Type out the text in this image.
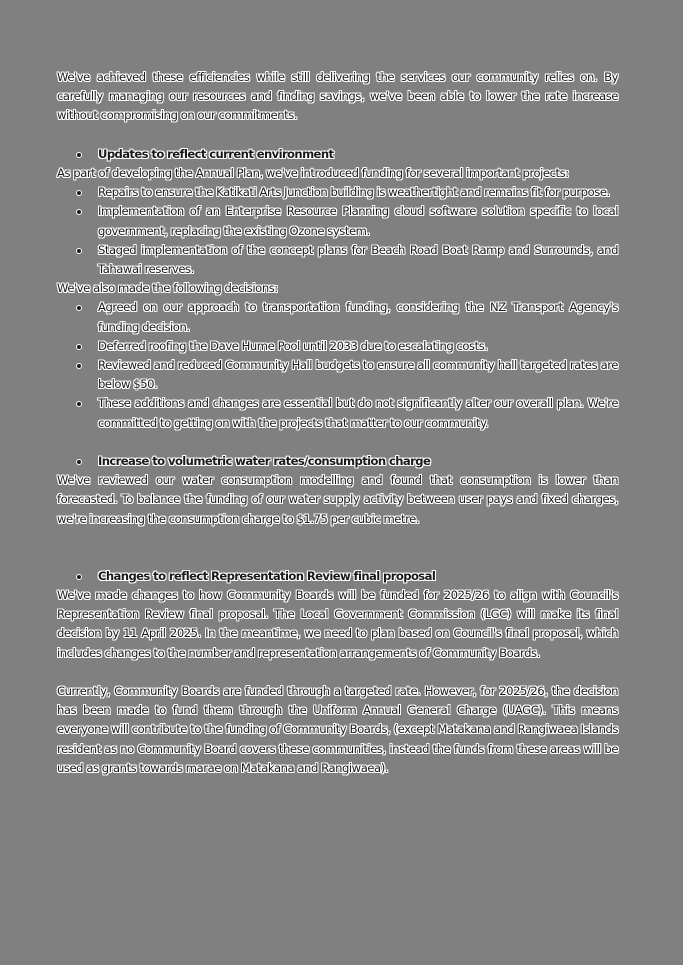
We've achieved these efficiencies while still delivering the services our community relies on. By carefully managing our resources and finding savings, we've been able to lower the rate increase without compromising on our commitments.

Updates to reflect current environment

As part of developing the Annual Plan, we've introduced funding for several important projects:

Repairs to ensure the Katikati Arts Junction building is weathertight and remains fit for purpose.
Implementation of an Enterprise Resource Planning cloud software solution specific to local government, replacing the existing Ozone system.
Staged implementation of the concept plans for Beach Road Boat Ramp and Surrounds, and Tahawai reserves.

We've also made the following decisions:

Agreed on our approach to transportation funding, considering the NZ Transport Agency's funding decision.
Deferred roofing the Dave Hume Pool until 2033 due to escalating costs.
Reviewed and reduced Community Hall budgets to ensure all community hall targeted rates are below $50.
These additions and changes are essential but do not significantly alter our overall plan. We're committed to getting on with the projects that matter to our community.
Increase to volumetric water rates/consumption charge

We've reviewed our water consumption modelling and found that consumption is lower than forecasted. To balance the funding of our water supply activity between user pays and fixed charges, we're increasing the consumption charge to $1.75 per cubic metre.

Changes to reflect Representation Review final proposal

We've made changes to how Community Boards will be funded for 2025/26 to align with Council's Representation Review final proposal. The Local Government Commission (LGC) will make its final decision by 11 April 2025. In the meantime, we need to plan based on Council's final proposal, which includes changes to the number and representation arrangements of Community Boards.

Currently, Community Boards are funded through a targeted rate. However, for 2025/26, the decision has been made to fund them through the Uniform Annual General Charge (UAGC). This means everyone will contribute to the funding of Community Boards, (except Matakana and Rangiwaea Islands resident as no Community Board covers these communities, instead the funds from these areas will be used as grants towards marae on Matakana and Rangiwaea).
